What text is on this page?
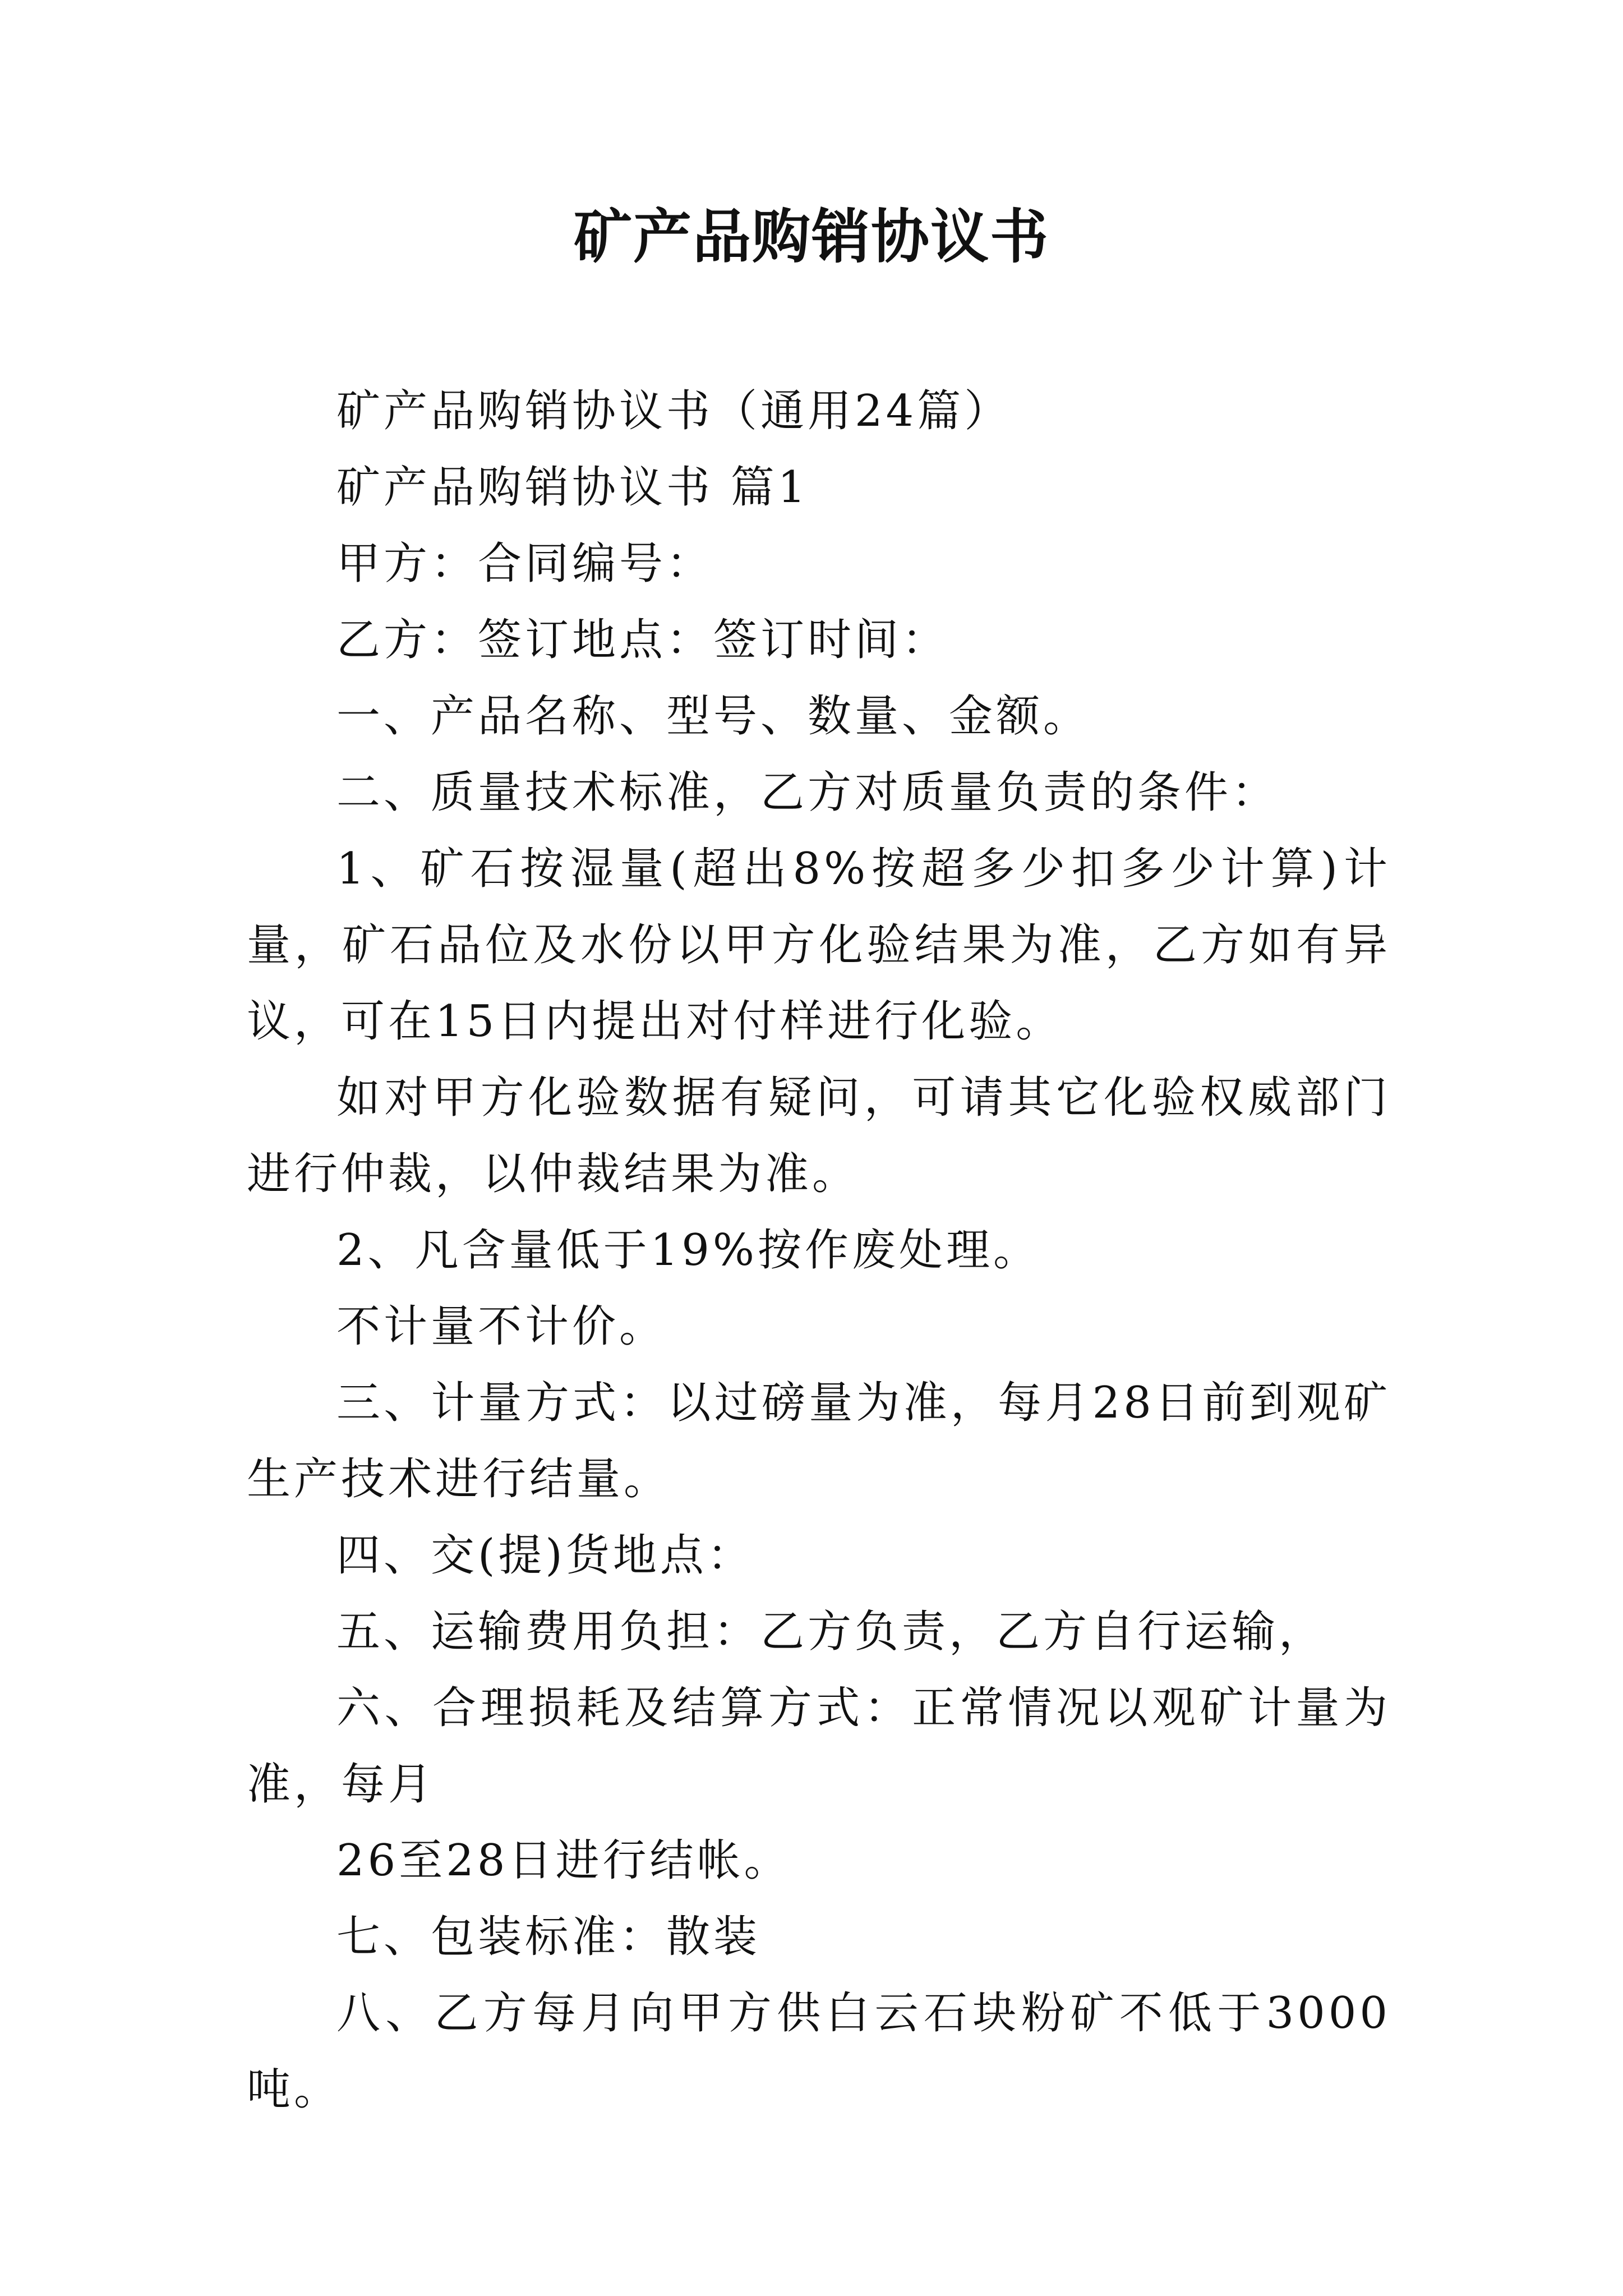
矿产品购销协议书

矿产品购销协议书（通用24篇）

矿产品购销协议书 篇1

甲方：合同编号：

乙方：签订地点：签订时间：

一、产品名称、型号、数量、金额。

二、质量技术标准，乙方对质量负责的条件：

1、矿石按湿量(超出8%按超多少扣多少计算)计量，矿石品位及水份以甲方化验结果为准，乙方如有异议，可在15日内提出对付样进行化验。

如对甲方化验数据有疑问，可请其它化验权威部门进行仲裁，以仲裁结果为准。

2、凡含量低于19%按作废处理。

不计量不计价。

三、计量方式：以过磅量为准，每月28日前到观矿生产技术进行结量。

四、交(提)货地点：

五、运输费用负担：乙方负责，乙方自行运输，

六、合理损耗及结算方式：正常情况以观矿计量为准，每月

26至28日进行结帐。

七、包装标准：散装

八、乙方每月向甲方供白云石块粉矿不低于3000吨。
